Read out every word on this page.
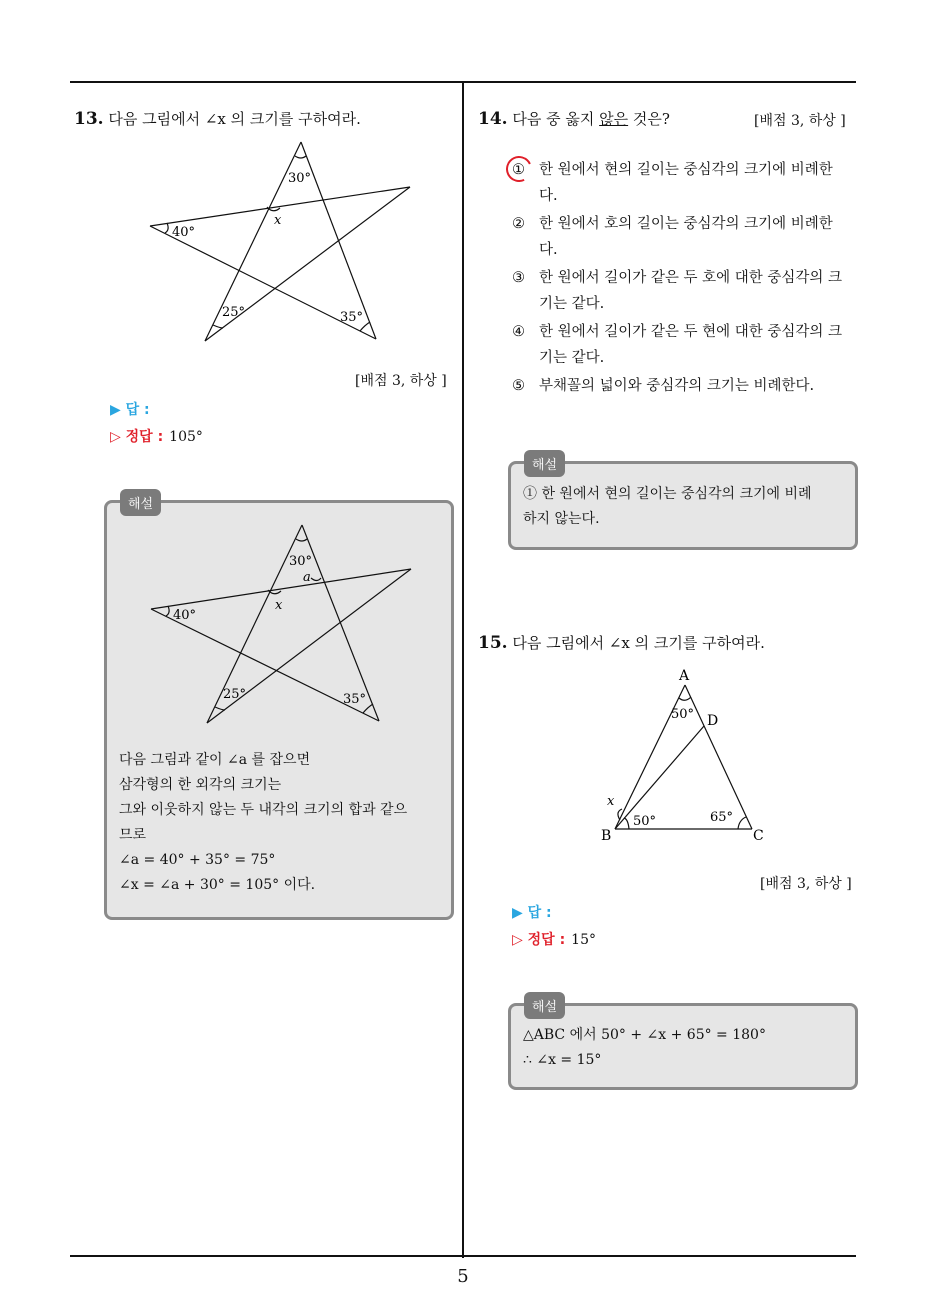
13. 다음 그림에서 ∠x 의 크기를 구하여라.
30°
40°
25°	35°
x
[배점 3, 하상 ]
▶ 답 :
▷ 정답 : 105°
30°
a
x
40°
25°	35°
다음 그림과 같이 ∠a 를 잡으면
삼각형의 한 외각의 크기는
그와 이웃하지 않는 두 내각의 크기의 합과 같으
므로
∠a = 40° + 35° = 75°
∠x = ∠a + 30° = 105° 이다.
해설
14. 다음 중 옳지 않은 것은?	[배점 3, 하상 ]
① 한 원에서 현의 길이는 중심각의 크기에 비례한 다.
② 한 원에서 호의 길이는 중심각의 크기에 비례한 다.
③ 한 원에서 길이가 같은 두 호에 대한 중심각의 크기는 같다.
④ 한 원에서 길이가 같은 두 현에 대한 중심각의 크기는 같다.
⑤ 부채꼴의 넓이와 중심각의 크기는 비례한다.
① 한 원에서 현의 길이는 중심각의 크기에 비례
하지 않는다.
해설
15. 다음 그림에서 ∠x 의 크기를 구하여라.
A
D
B	C
50°
50°	65°
x
[배점 3, 하상 ]
▶ 답 :
▷ 정답 : 15°
△ABC 에서 50° + ∠x + 65° = 180°
∴ ∠x = 15°
해설
5
